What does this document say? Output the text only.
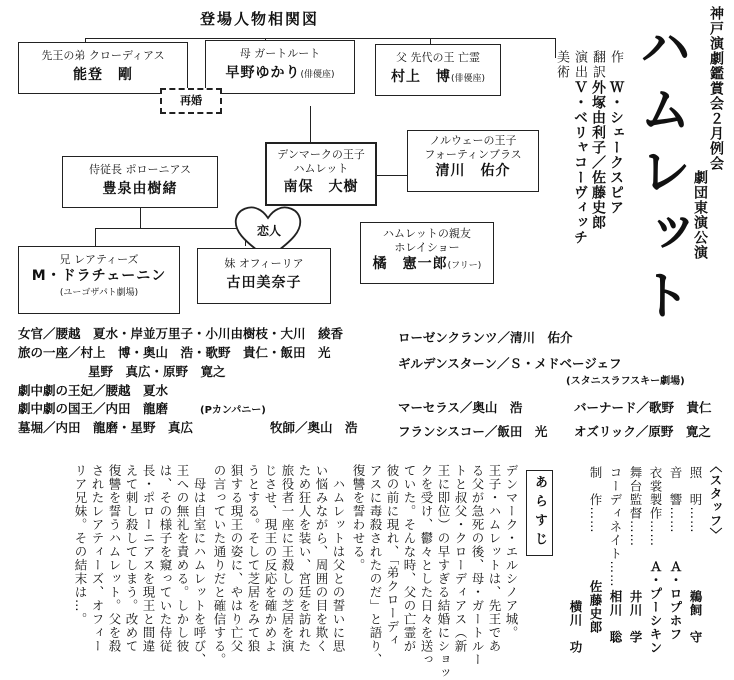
登場人物相関図
先王の弟 クローディアス
能登　剛
母 ガートルート
早野ゆかり(俳優座)
父 先代の王 亡霊
村上　博(俳優座)
再婚
デンマークの王子
ハムレット
南保　大樹
ノルウェーの王子
フォーティンブラス
清川　佑介
侍従長 ポローニアス
豊泉由樹緒
恋人	ハムレットの親友
ホレイショー
橘　憲一郎(フリー)
兄 レアティーズ
M・ドラチェーニン
(ユーゴザパト劇場)
妹 オフィーリア
古田美奈子
女官／腰越　夏水・岸並万里子・小川由樹枝・大川　綾香
旅の一座／村上　博・奥山　浩・歌野　貴仁・飯田　光
星野　真広・原野　寛之
劇中劇の王妃／腰越　夏水
劇中劇の国王／内田　龍磨	(Pカンパニー)
墓堀／内田　龍磨・星野　真広	牧師／奥山　浩
ローゼンクランツ／清川　佑介
ギルデンスターン／Ｓ・メドベージェフ
(スタニスラフスキー劇場)
マーセラス／奥山　浩	バーナード／歌野　貴仁
フランシスコー／飯田　光 オズリック／原野　寛之
神戸演劇鑑賞会２月例会
劇団東演公演
ハムレット
作
Ｗ・シェークスピア
翻訳
外塚由利子／佐藤史郎
演出
Ｖ・ベリャコーヴィッチ
美術
あらすじ
デンマーク・エルシノア城。
王子・ハムレットは、先王であ
る父が急死の後、母・ガートルー
トと叔父・クローディアス（新
王に即位）の早すぎる結婚にショッ
クを受け、鬱々とした日々を送っ
ていた。そんな時、父の亡霊が
彼の前に現れ、「弟クローディ
アスに毒殺されたのだ」と語り、
復讐を誓わせる。
　ハムレットは父との誓いに思
い悩みながら、周囲の目を欺く
ため狂人を装い、宮廷を訪れた
旅役者一座に王殺しの芝居を演
じさせ、現王の反応を確かめよ
うとする。そして芝居をみて狼
狽する現王の姿に、やはり亡父
の言っていた通りだと確信する。
　母は自室にハムレットを呼び、
王への無礼を責める。しかし彼
は、その様子を窺っていた侍従
長・ポローニアスを現王と間違
えて刺し殺してしまう。改めて
復讐を誓うハムレット。父を殺
されたレアティーズ、オフィー
リア兄妹。その結末は…。	〈スタッフ〉
照　明……
鵜飼　守
音　響……
Ａ・ロプホフ
衣裳製作……
Ａ・プーシキン
舞台監督……
井川　学
コーディネイト……
相川　聡
制　作……
佐藤史郎
横川　功
